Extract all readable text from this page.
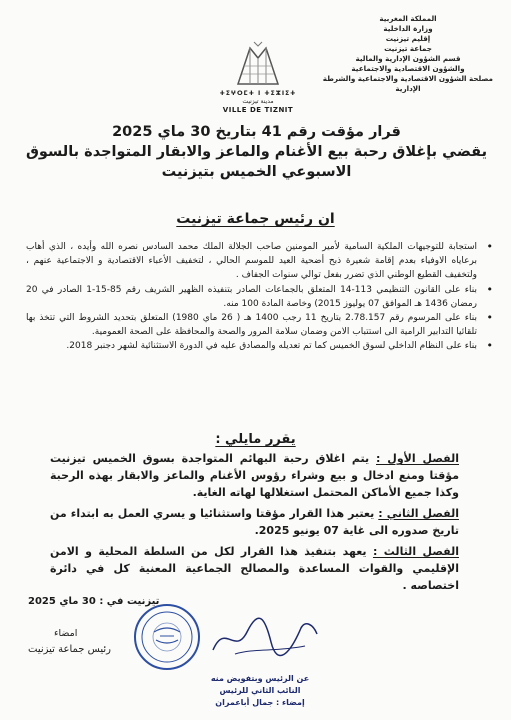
المملكة المغربية
وزارة الداخلية
إقليم تيزنيت
جماعة تيزنيت
قسم الشؤون الإدارية والمالية
والشؤون الاقتصادية والاجتماعية
مصلحة الشؤون الاقتصادية والاجتماعية والشرطة
الإدارية
ⵜⵉⵖⵔⵎⵜ ⵏ ⵜⵉⵣⵏⵉⵜ
مدينة تيزنيت
VILLE DE TIZNIT
قرار مؤقت رقم 41 بتاريخ 30 ماي 2025
يقضي بإغلاق رحبة بيع الأغنام والماعز والابقار المتواجدة بالسوق
الاسبوعي الخميس بتيزنيت
ان رئيس جماعة تيزنيت
• استجابة للتوجيهات الملكية السامية لأمير المومنين صاحب الجلالة الملك محمد السادس نصره الله وأيده ، الذي أهاب برعاياه الاوفياء بعدم إقامة شعيرة ذبح أضحية العيد للموسم الحالي ، لتخفيف الأعباء الاقتصادية و الاجتماعية عنهم ، ولتخفيف القطيع الوطني الذي تضرر بفعل توالي سنوات الجفاف .
• بناء على القانون التنظيمي 113-14 المتعلق بالجماعات الصادر بتنفيذه الظهير الشريف رقم 85-15-1 الصادر في 20 رمضان 1436 هـ الموافق 07 يوليوز 2015) وخاصة المادة 100 منه.
• بناء على المرسوم رقم 2.78.157 بتاريخ 11 رجب 1400 هـ ( 26 ماي 1980) المتعلق بتحديد الشروط التي تتخذ بها تلقائيا التدابير الرامية الى استتباب الامن وضمان سلامة المرور والصحة والمحافظة على الصحة العمومية.
• بناء على النظام الداخلي لسوق الخميس كما تم تعديله والمصادق عليه في الدورة الاستثنائية لشهر دجنبر 2018.
يقرر مايلي :

الفصل الأول : يتم اغلاق رحبة البهائم المتواجدة بسوق الخميس تيزنيت مؤقتا ومنع ادخال و بيع وشراء رؤوس الأغنام والماعز والابقار بهذه الرحبة وكذا جميع الأماكن المحتمل استغلالها لهاته الغاية.

الفصل الثاني : يعتبر هذا القرار مؤقتا واستثنائيا و يسري العمل به ابتداء من تاريخ صدوره الى غاية 07 يونيو 2025.

الفصل الثالث : يعهد بتنفيذ هذا القرار لكل من السلطة المحلية و الامن الإقليمي والقوات المساعدة والمصالح الجماعية المعنية كل في دائرة اختصاصه .

تيزنيت في : 30 ماي 2025
امضاء
رئيس جماعة تيزنيت
عن الرئيس وبتفويض منه
النائب الثاني للرئيس
إمضاء : جمال أباعمران
